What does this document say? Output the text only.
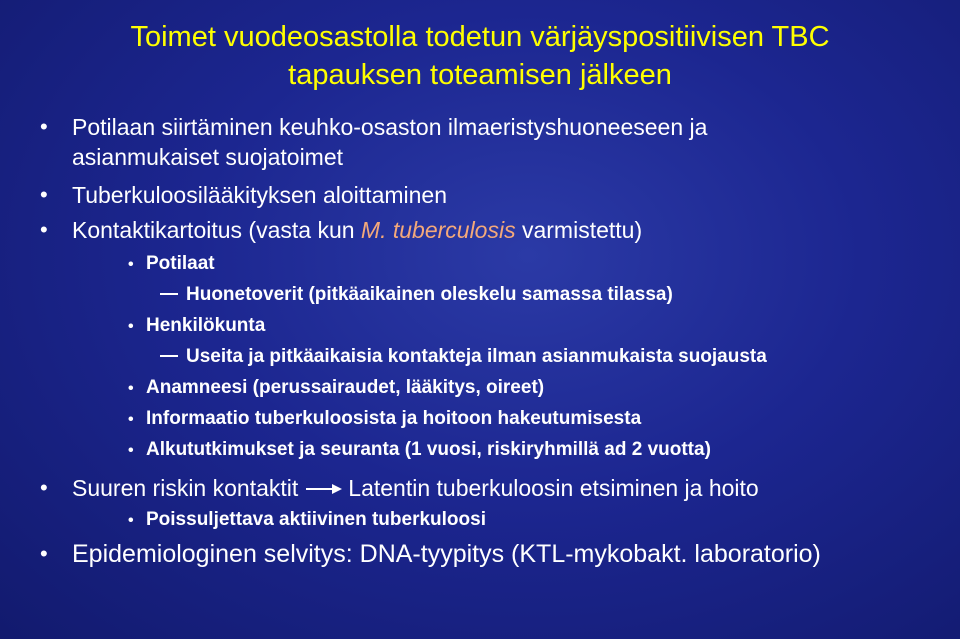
Toimet vuodeosastolla todetun värjäyspositiivisen TBC
tapauksen toteamisen jälkeen
• Potilaan siirtäminen keuhko-osaston ilmaeristyshuoneeseen ja
asianmukaiset suojatoimet
• Tuberkuloosilääkityksen aloittaminen
• Kontaktikartoitus (vasta kun M. tuberculosis varmistettu)
• Potilaat
Huonetoverit (pitkäaikainen oleskelu samassa tilassa)
• Henkilökunta
Useita ja pitkäaikaisia kontakteja ilman asianmukaista suojausta
• Anamneesi (perussairaudet, lääkitys, oireet)
• Informaatio tuberkuloosista ja hoitoon hakeutumisesta
• Alkututkimukset ja seuranta (1 vuosi, riskiryhmillä ad 2 vuotta)
• Suuren riskin kontaktit Latentin tuberkuloosin etsiminen ja hoito
• Poissuljettava aktiivinen tuberkuloosi
• Epidemiologinen selvitys: DNA-tyypitys (KTL-mykobakt. laboratorio)
